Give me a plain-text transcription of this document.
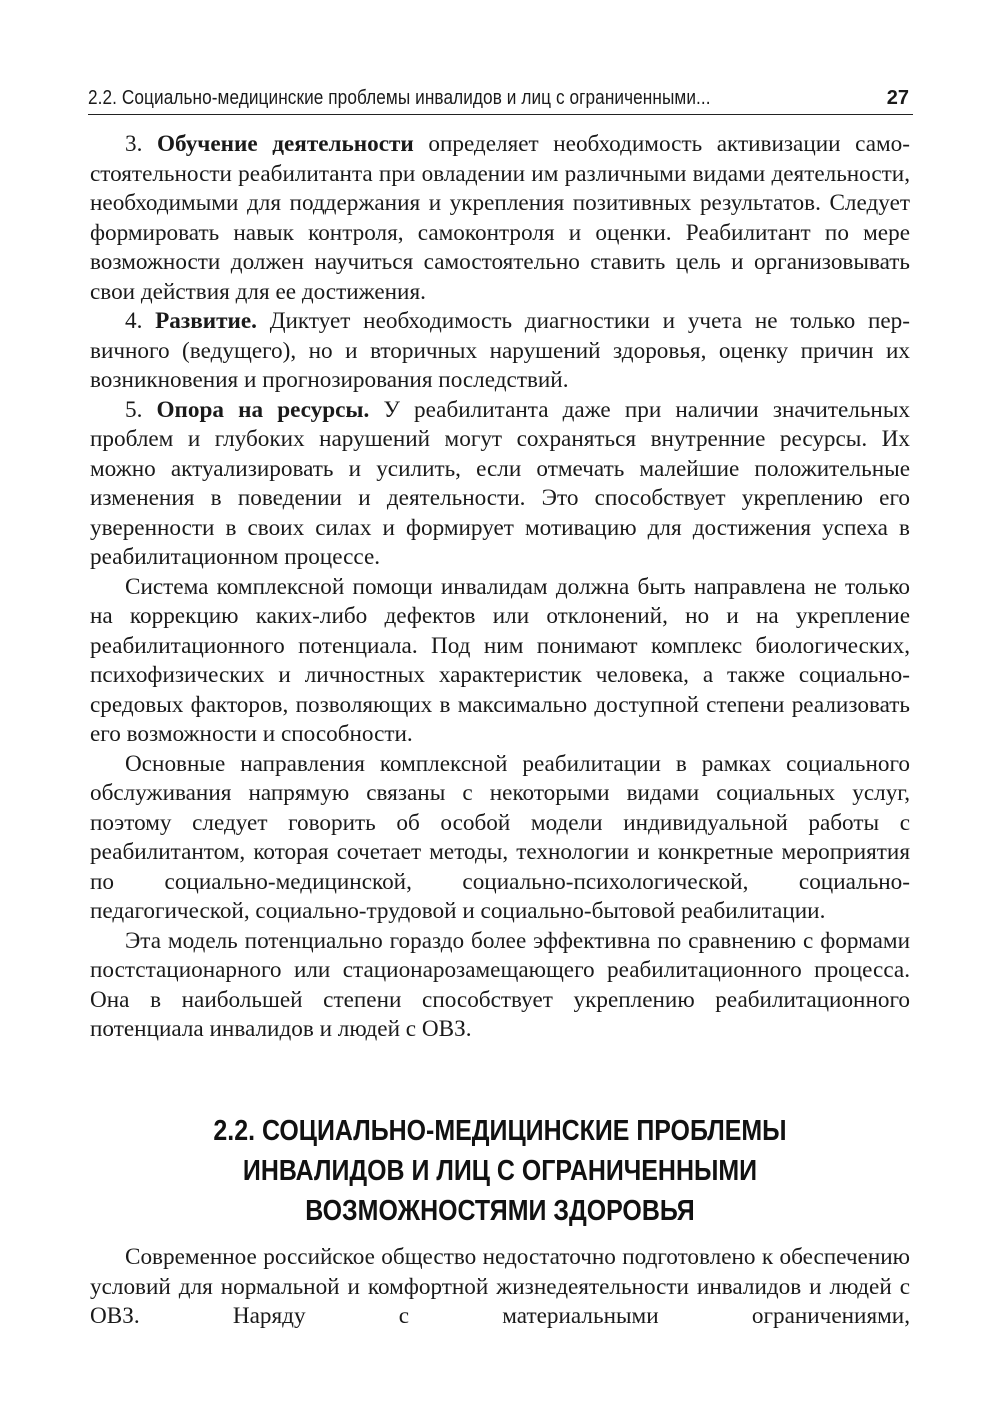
2.2. Социально-медицинские проблемы инвалидов и лиц с ограниченными...	27

3. Обучение деятельности определяет необходимость активизации самостоятельности реабилитанта при овладении им различными видами деятельности, необходимыми для поддержания и укрепления позитивных результатов. Следует формировать навык контроля, самоконтроля и оценки. Реабилитант по мере возможности должен научиться самостоятельно ставить цель и организовывать свои действия для ее достижения.

4. Развитие. Диктует необходимость диагностики и учета не только первичного (ведущего), но и вторичных нарушений здоровья, оценку причин их возникновения и прогнозирования последствий.

5. Опора на ресурсы. У реабилитанта даже при наличии значительных проблем и глубоких нарушений могут сохраняться внутренние ресурсы. Их можно актуализировать и усилить, если отмечать малейшие положительные изменения в поведении и деятельности. Это способствует укреплению его уверенности в своих силах и формирует мотивацию для достижения успеха в реабилитационном процессе.

Система комплексной помощи инвалидам должна быть направлена не только на коррекцию каких-либо дефектов или отклонений, но и на укрепление реабилитационного потенциала. Под ним понимают комплекс биологических, психофизических и личностных характеристик человека, а также социально-средовых факторов, позволяющих в максимально доступной степени реализовать его возможности и способности.

Основные направления комплексной реабилитации в рамках социального обслуживания напрямую связаны с некоторыми видами социальных услуг, поэтому следует говорить об особой модели индивидуальной работы с реабилитантом, которая сочетает методы, технологии и конкретные мероприятия по социально-медицинской, социально-психологической, социально-педагогической, социально-трудовой и социально-бытовой реабилитации.

Эта модель потенциально гораздо более эффективна по сравнению с формами постстационарного или стационарозамещающего реабилитационного процесса. Она в наибольшей степени способствует укреплению реабилитационного потенциала инвалидов и людей с ОВЗ.

2.2. СОЦИАЛЬНО-МЕДИЦИНСКИЕ ПРОБЛЕМЫ
ИНВАЛИДОВ И ЛИЦ С ОГРАНИЧЕННЫМИ
ВОЗМОЖНОСТЯМИ ЗДОРОВЬЯ

Современное российское общество недостаточно подготовлено к обеспечению условий для нормальной и комфортной жизнедеятельности инвалидов и людей с ОВЗ. Наряду с материальными ограничениями,
